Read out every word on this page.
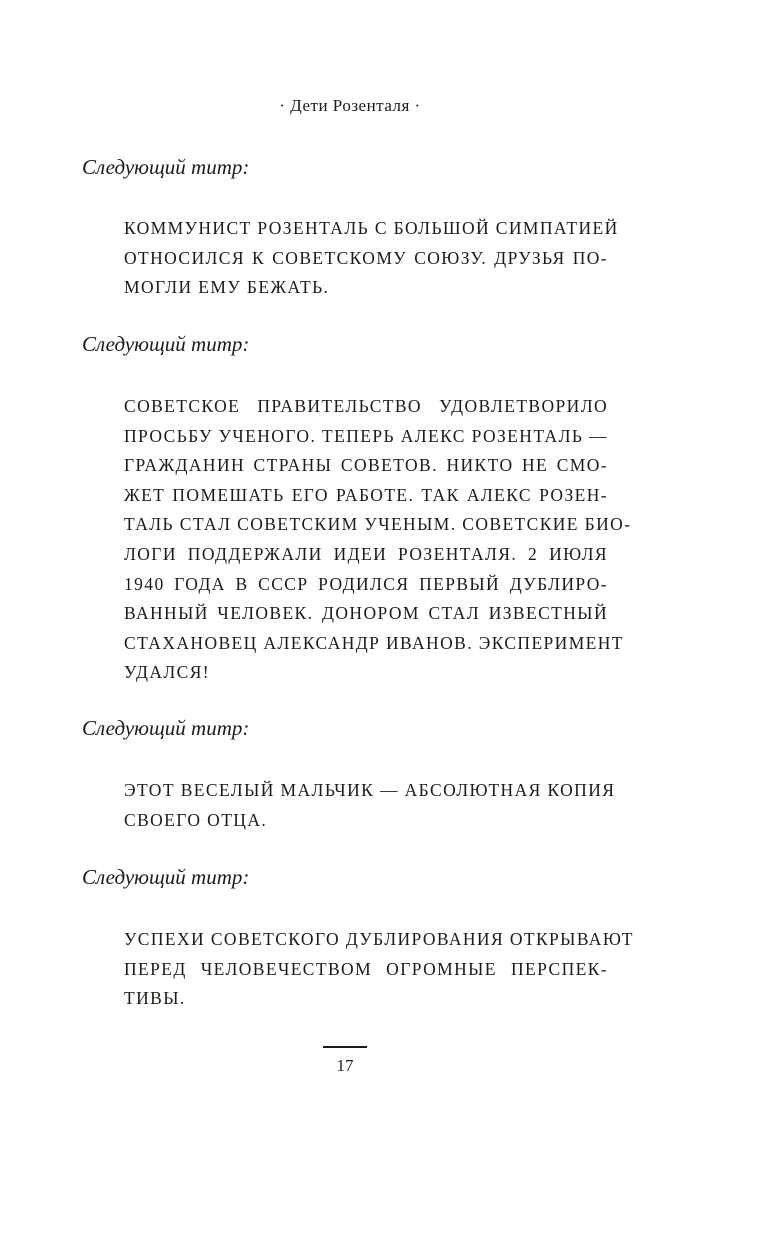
· Дети Розенталя ·
Следующий титр:
КОММУНИСТ РОЗЕНТАЛЬ С БОЛЬШОЙ СИМПАТИЕЙ
ОТНОСИЛСЯ К СОВЕТСКОМУ СОЮЗУ. ДРУЗЬЯ ПО-
МОГЛИ ЕМУ БЕЖАТЬ.
Следующий титр:
СОВЕТСКОЕ ПРАВИТЕЛЬСТВО УДОВЛЕТВОРИЛО
ПРОСЬБУ УЧЕНОГО. ТЕПЕРЬ АЛЕКС РОЗЕНТАЛЬ —
ГРАЖДАНИН СТРАНЫ СОВЕТОВ. НИКТО НЕ СМО-
ЖЕТ ПОМЕШАТЬ ЕГО РАБОТЕ. ТАК АЛЕКС РОЗЕН-
ТАЛЬ СТАЛ СОВЕТСКИМ УЧЕНЫМ. СОВЕТСКИЕ БИО-
ЛОГИ ПОДДЕРЖАЛИ ИДЕИ РОЗЕНТАЛЯ. 2 ИЮЛЯ
1940 ГОДА В СССР РОДИЛСЯ ПЕРВЫЙ ДУБЛИРО-
ВАННЫЙ ЧЕЛОВЕК. ДОНОРОМ СТАЛ ИЗВЕСТНЫЙ
СТАХАНОВЕЦ АЛЕКСАНДР ИВАНОВ. ЭКСПЕРИМЕНТ
УДАЛСЯ!
Следующий титр:
ЭТОТ ВЕСЕЛЫЙ МАЛЬЧИК — АБСОЛЮТНАЯ КОПИЯ
СВОЕГО ОТЦА.
Следующий титр:
УСПЕХИ СОВЕТСКОГО ДУБЛИРОВАНИЯ ОТКРЫВАЮТ
ПЕРЕД ЧЕЛОВЕЧЕСТВОМ ОГРОМНЫЕ ПЕРСПЕК-
ТИВЫ.
17
